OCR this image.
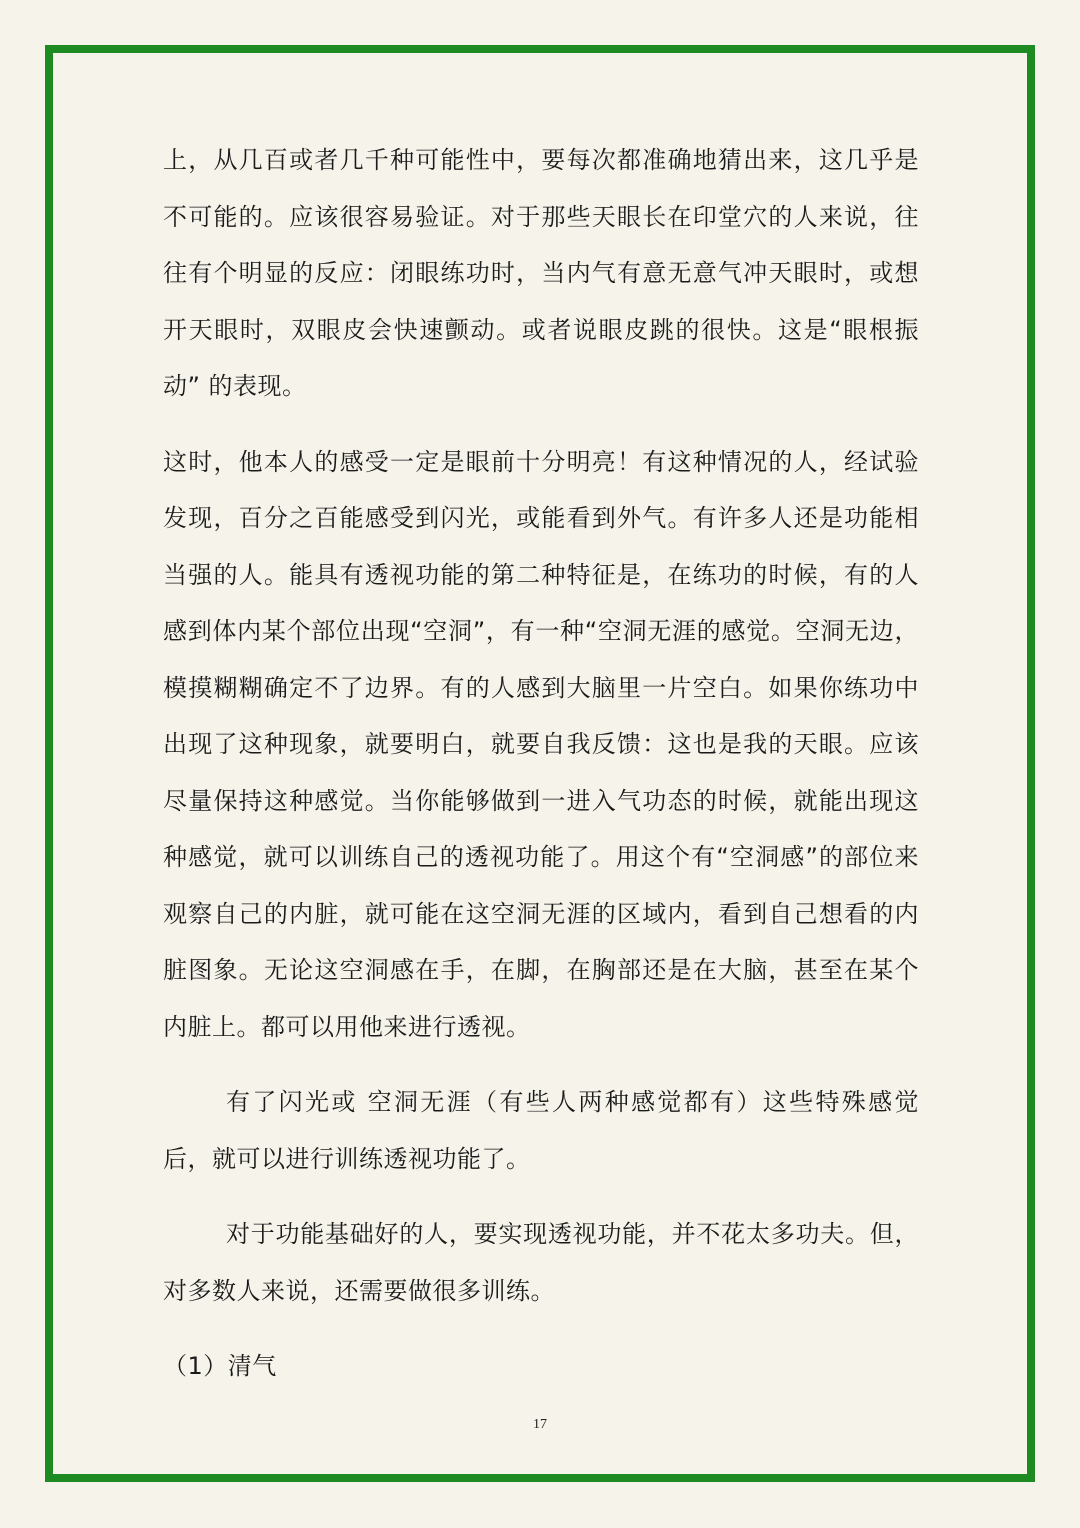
上，从几百或者几千种可能性中，要每次都准确地猜出来，这几乎是不可能的。应该很容易验证。对于那些天眼长在印堂穴的人来说，往往有个明显的反应：闭眼练功时，当内气有意无意气冲天眼时，或想开天眼时，双眼皮会快速颤动。或者说眼皮跳的很快。这是“眼根振动” 的表现。

这时，他本人的感受一定是眼前十分明亮！有这种情况的人，经试验发现，百分之百能感受到闪光，或能看到外气。有许多人还是功能相当强的人。能具有透视功能的第二种特征是，在练功的时候，有的人感到体内某个部位出现“空洞”，有一种“空洞无涯的感觉。空洞无边，模摸糊糊确定不了边界。有的人感到大脑里一片空白。如果你练功中出现了这种现象，就要明白，就要自我反馈：这也是我的天眼。应该尽量保持这种感觉。当你能够做到一进入气功态的时候，就能出现这种感觉，就可以训练自己的透视功能了。用这个有“空洞感”的部位来观察自己的内脏，就可能在这空洞无涯的区域内，看到自己想看的内脏图象。无论这空洞感在手，在脚，在胸部还是在大脑，甚至在某个内脏上。都可以用他来进行透视。

有了闪光或 空洞无涯（有些人两种感觉都有）这些特殊感觉后，就可以进行训练透视功能了。

对于功能基础好的人，要实现透视功能，并不花太多功夫。但，对多数人来说，还需要做很多训练。

（1）清气

17
